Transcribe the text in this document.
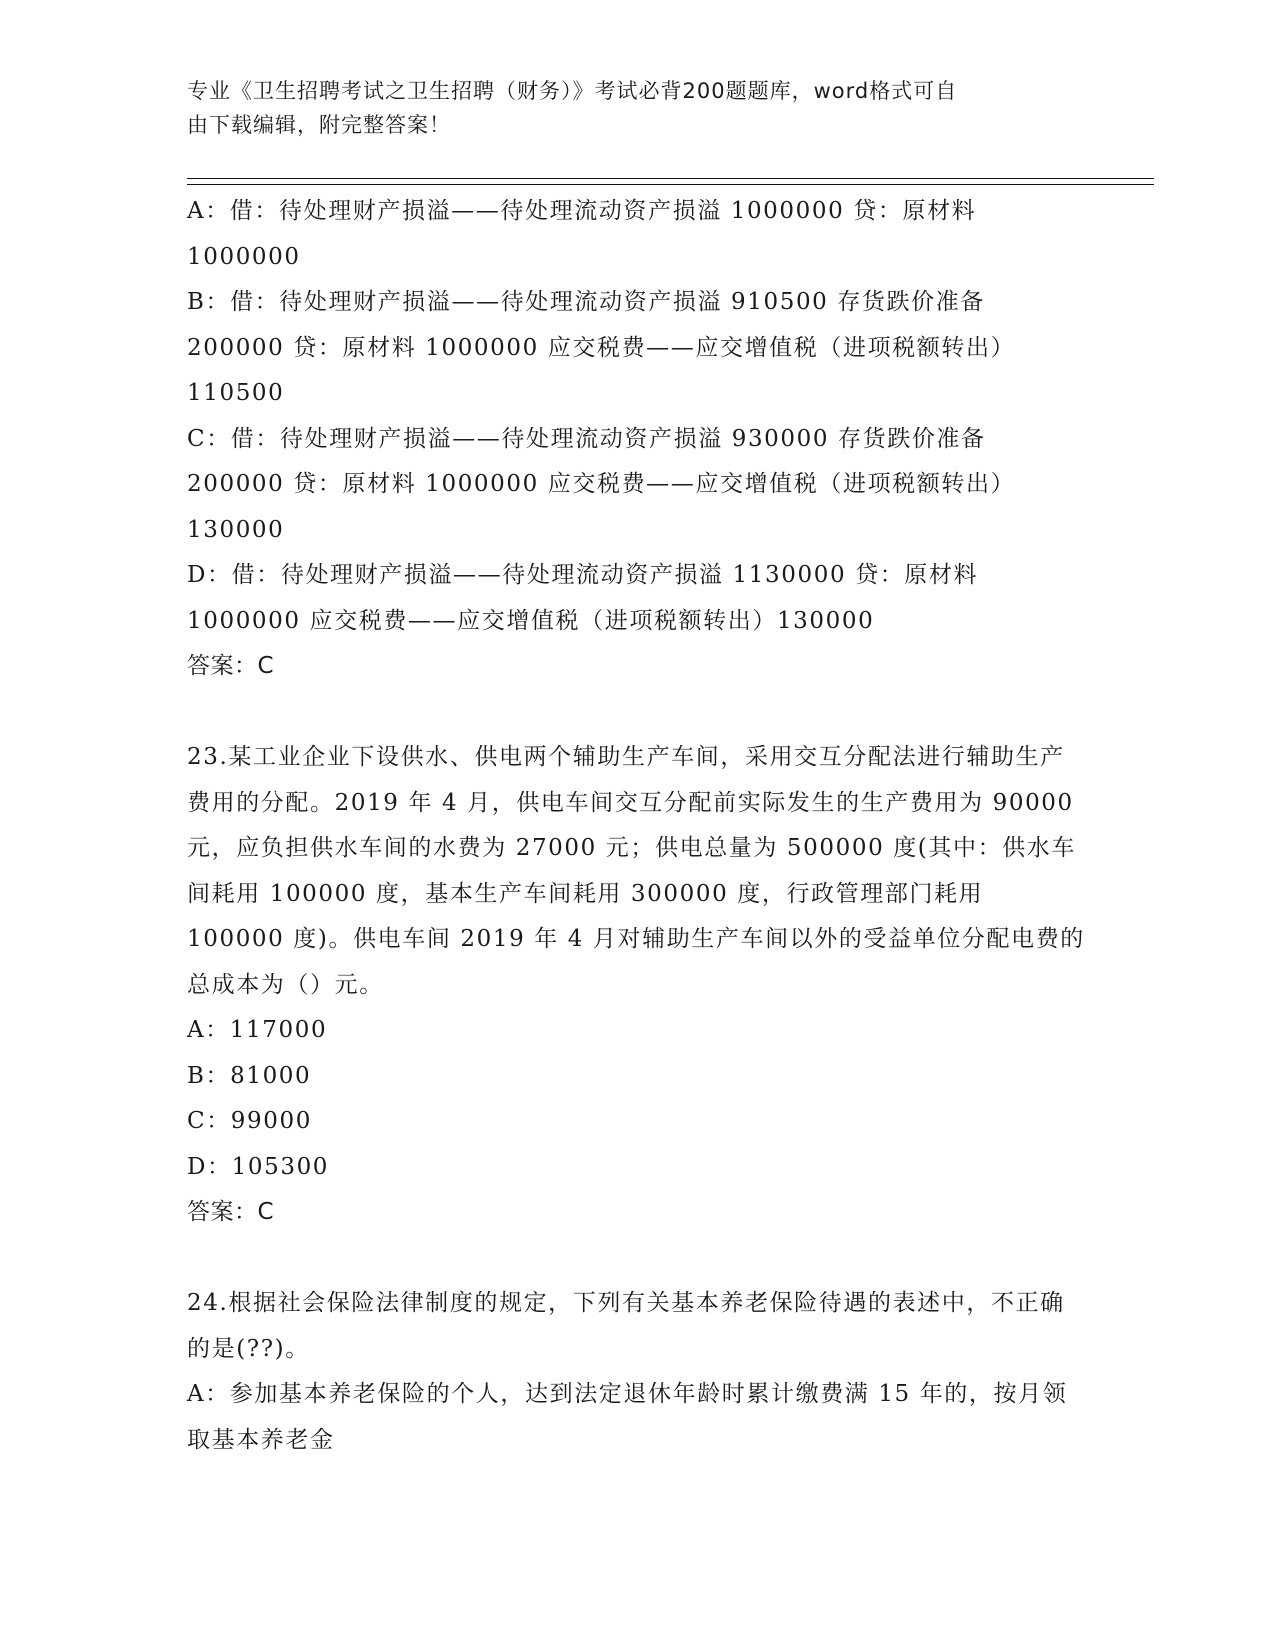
专业《卫生招聘考试之卫生招聘（财务）》考试必背200题题库，word格式可自
由下载编辑，附完整答案！

A：借：待处理财产损溢——待处理流动资产损溢 1000000 贷：原材料 1000000

B：借：待处理财产损溢——待处理流动资产损溢 910500 存货跌价准备 200000 贷：原材料 1000000 应交税费——应交增值税（进项税额转出）110500

C：借：待处理财产损溢——待处理流动资产损溢 930000 存货跌价准备 200000 贷：原材料 1000000 应交税费——应交增值税（进项税额转出）130000

D：借：待处理财产损溢——待处理流动资产损溢 1130000 贷：原材料 1000000 应交税费——应交增值税（进项税额转出）130000

答案：C

23.某工业企业下设供水、供电两个辅助生产车间，采用交互分配法进行辅助生产费用的分配。2019 年 4 月，供电车间交互分配前实际发生的生产费用为 90000 元，应负担供水车间的水费为 27000 元；供电总量为 500000 度(其中：供水车间耗用 100000 度，基本生产车间耗用 300000 度，行政管理部门耗用 100000 度)。供电车间 2019 年 4 月对辅助生产车间以外的受益单位分配电费的总成本为（）元。

A：117000

B：81000

C：99000

D：105300

答案：C

24.根据社会保险法律制度的规定，下列有关基本养老保险待遇的表述中，不正确的是(??)。

A：参加基本养老保险的个人，达到法定退休年龄时累计缴费满 15 年的，按月领取基本养老金
